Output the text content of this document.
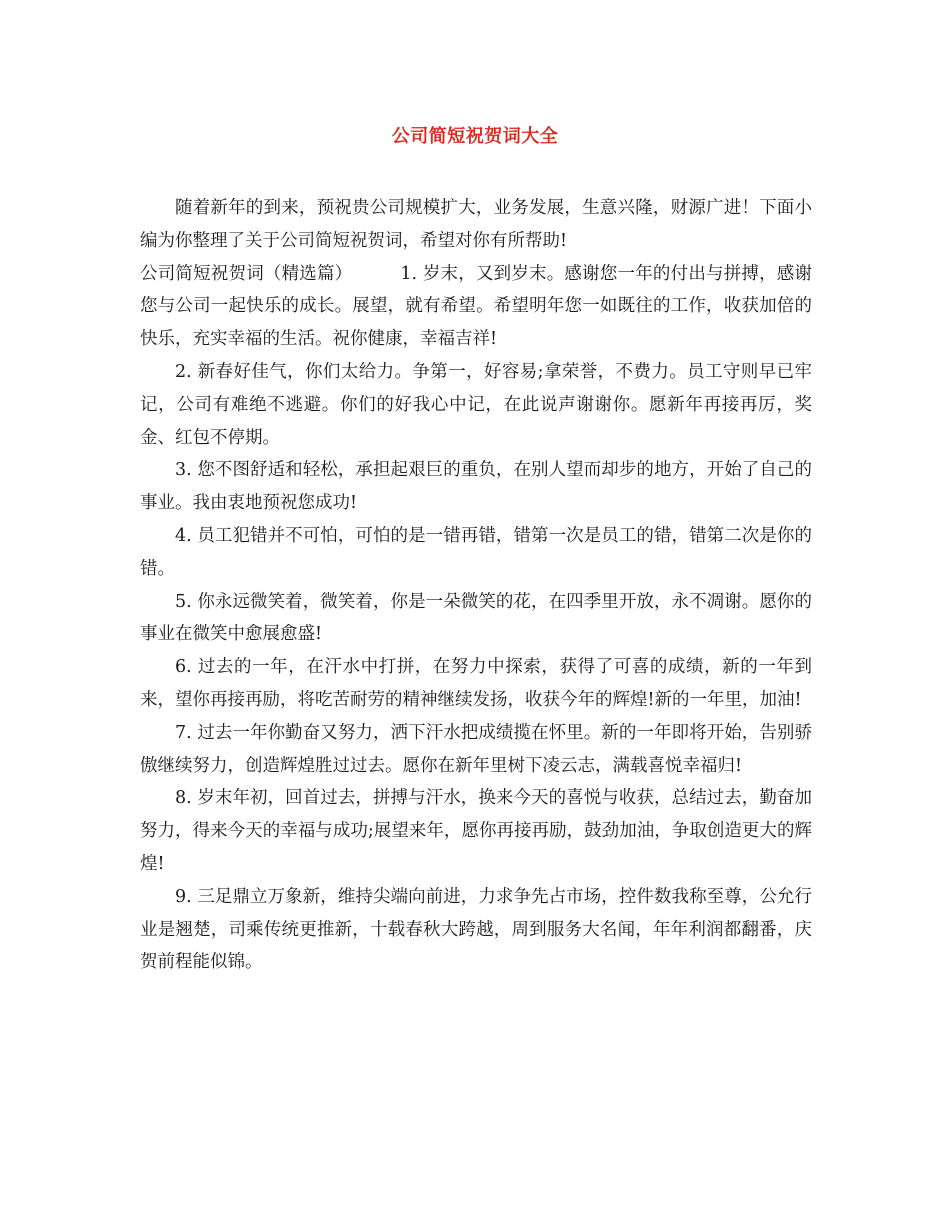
公司简短祝贺词大全

随着新年的到来，预祝贵公司规模扩大，业务发展，生意兴隆，财源广进！下面小编为你整理了关于公司简短祝贺词，希望对你有所帮助!

公司简短祝贺词（精选篇）	1. 岁末，又到岁末。感谢您一年的付出与拼搏，感谢您与公司一起快乐的成长。展望，就有希望。希望明年您一如既往的工作，收获加倍的快乐，充实幸福的生活。祝你健康，幸福吉祥!

2. 新春好佳气，你们太给力。争第一，好容易;拿荣誉，不费力。员工守则早已牢记，公司有难绝不逃避。你们的好我心中记，在此说声谢谢你。愿新年再接再厉，奖金、红包不停期。

3. 您不图舒适和轻松，承担起艰巨的重负，在别人望而却步的地方，开始了自己的事业。我由衷地预祝您成功!

4. 员工犯错并不可怕，可怕的是一错再错，错第一次是员工的错，错第二次是你的错。

5. 你永远微笑着，微笑着，你是一朵微笑的花，在四季里开放，永不凋谢。愿你的事业在微笑中愈展愈盛!

6. 过去的一年，在汗水中打拼，在努力中探索，获得了可喜的成绩，新的一年到来，望你再接再励，将吃苦耐劳的精神继续发扬，收获今年的辉煌!新的一年里，加油!

7. 过去一年你勤奋又努力，洒下汗水把成绩揽在怀里。新的一年即将开始，告别骄傲继续努力，创造辉煌胜过过去。愿你在新年里树下凌云志，满载喜悦幸福归!

8. 岁末年初，回首过去，拼搏与汗水，换来今天的喜悦与收获，总结过去，勤奋加努力，得来今天的幸福与成功;展望来年，愿你再接再励，鼓劲加油，争取创造更大的辉煌!

9. 三足鼎立万象新，维持尖端向前进，力求争先占市场，控件数我称至尊，公允行业是翘楚，司乘传统更推新，十载春秋大跨越，周到服务大名闻，年年利润都翻番，庆贺前程能似锦。
